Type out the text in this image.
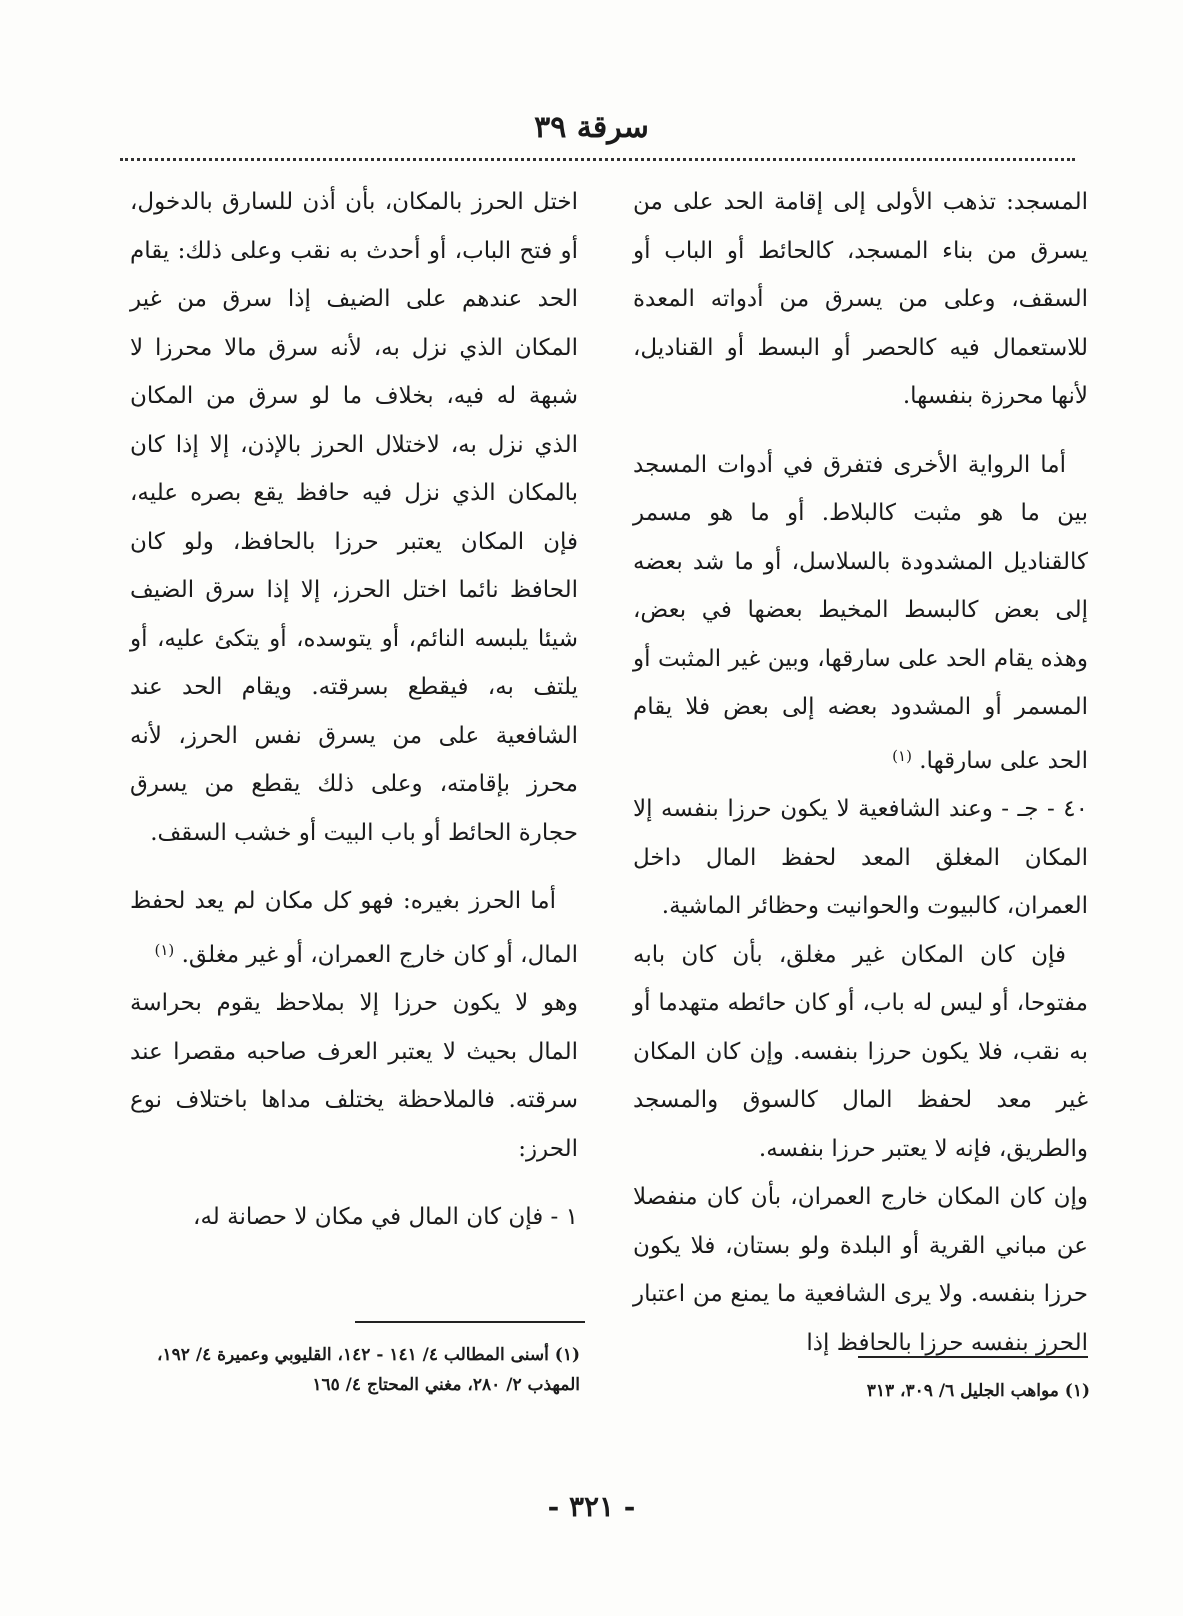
سرقة ٣٩

المسجد: تذهب الأولى إلى إقامة الحد على من يسرق من بناء المسجد، كالحائط أو الباب أو السقف، وعلى من يسرق من أدواته المعدة للاستعمال فيه كالحصر أو البسط أو القناديل، لأنها محرزة بنفسها.

أما الرواية الأخرى فتفرق في أدوات المسجد بين ما هو مثبت كالبلاط. أو ما هو مسمر كالقناديل المشدودة بالسلاسل، أو ما شد بعضه إلى بعض كالبسط المخيط بعضها في بعض، وهذه يقام الحد على سارقها، وبين غير المثبت أو المسمر أو المشدود بعضه إلى بعض فلا يقام الحد على سارقها. $^{(١)}$

٤٠ - جـ - وعند الشافعية لا يكون حرزا بنفسه إلا المكان المغلق المعد لحفظ المال داخل العمران، كالبيوت والحوانيت وحظائر الماشية.

فإن كان المكان غير مغلق، بأن كان بابه مفتوحا، أو ليس له باب، أو كان حائطه متهدما أو به نقب، فلا يكون حرزا بنفسه. وإن كان المكان غير معد لحفظ المال كالسوق والمسجد والطريق، فإنه لا يعتبر حرزا بنفسه.

وإن كان المكان خارج العمران، بأن كان منفصلا عن مباني القرية أو البلدة ولو بستان، فلا يكون حرزا بنفسه. ولا يرى الشافعية ما يمنع من اعتبار الحرز بنفسه حرزا بالحافظ إذا

اختل الحرز بالمكان، بأن أذن للسارق بالدخول، أو فتح الباب، أو أحدث به نقب وعلى ذلك: يقام الحد عندهم على الضيف إذا سرق من غير المكان الذي نزل به، لأنه سرق مالا محرزا لا شبهة له فيه، بخلاف ما لو سرق من المكان الذي نزل به، لاختلال الحرز بالإذن، إلا إذا كان بالمكان الذي نزل فيه حافظ يقع بصره عليه، فإن المكان يعتبر حرزا بالحافظ، ولو كان الحافظ نائما اختل الحرز، إلا إذا سرق الضيف شيئا يلبسه النائم، أو يتوسده، أو يتكئ عليه، أو يلتف به، فيقطع بسرقته. ويقام الحد عند الشافعية على من يسرق نفس الحرز، لأنه محرز بإقامته، وعلى ذلك يقطع من يسرق حجارة الحائط أو باب البيت أو خشب السقف.

أما الحرز بغيره: فهو كل مكان لم يعد لحفظ المال، أو كان خارج العمران، أو غير مغلق. $^{(١)}$

وهو لا يكون حرزا إلا بملاحظ يقوم بحراسة المال بحيث لا يعتبر العرف صاحبه مقصرا عند سرقته. فالملاحظة يختلف مداها باختلاف نوع الحرز:

١ - فإن كان المال في مكان لا حصانة له،

(١) مواهب الجليل ٦/ ٣٠٩، ٣١٣
(١) أسنى المطالب ٤/ ١٤١ - ١٤٢، القليوبي وعميرة ٤/ ١٩٢، المهذب ٢/ ٢٨٠، مغني المحتاج ٤/ ١٦٥
- ٣٢١ -
